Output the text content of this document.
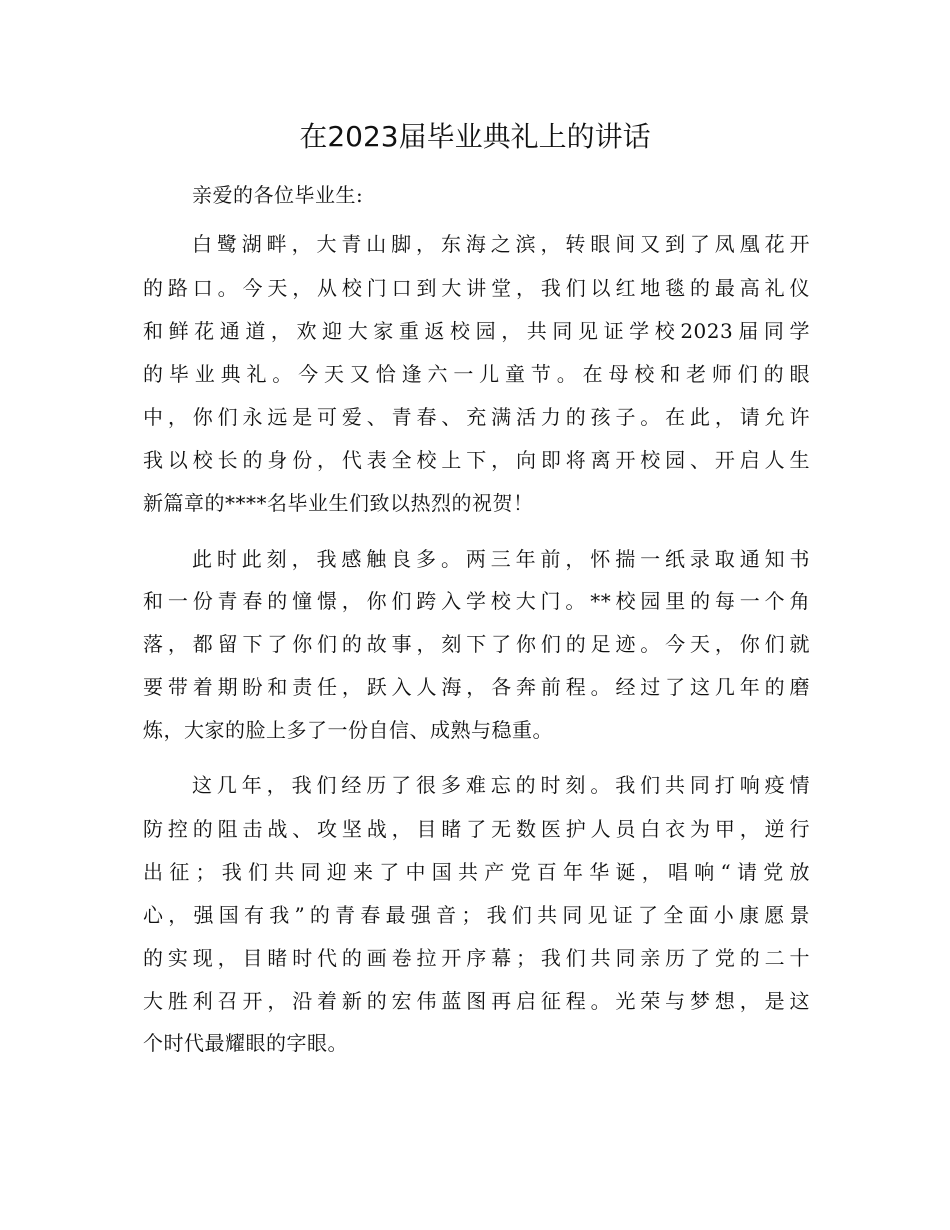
在2023届毕业典礼上的讲话
亲爱的各位毕业生:
白鹭湖畔，大青山脚，东海之滨，转眼间又到了凤凰花开
的路口。今天，从校门口到大讲堂，我们以红地毯的最高礼仪
和鲜花通道，欢迎大家重返校园，共同见证学校2023届同学
的毕业典礼。今天又恰逢六一儿童节。在母校和老师们的眼
中，你们永远是可爱、青春、充满活力的孩子。在此，请允许
我以校长的身份，代表全校上下，向即将离开校园、开启人生
新篇章的****名毕业生们致以热烈的祝贺！
此时此刻，我感触良多。两三年前，怀揣一纸录取通知书
和一份青春的憧憬，你们跨入学校大门。**校园里的每一个角
落，都留下了你们的故事，刻下了你们的足迹。今天，你们就
要带着期盼和责任，跃入人海，各奔前程。经过了这几年的磨
炼，大家的脸上多了一份自信、成熟与稳重。
这几年，我们经历了很多难忘的时刻。我们共同打响疫情
防控的阻击战、攻坚战，目睹了无数医护人员白衣为甲，逆行
出征；我们共同迎来了中国共产党百年华诞，唱响“请党放
心，强国有我”的青春最强音；我们共同见证了全面小康愿景
的实现，目睹时代的画卷拉开序幕；我们共同亲历了党的二十
大胜利召开，沿着新的宏伟蓝图再启征程。光荣与梦想，是这
个时代最耀眼的字眼。
